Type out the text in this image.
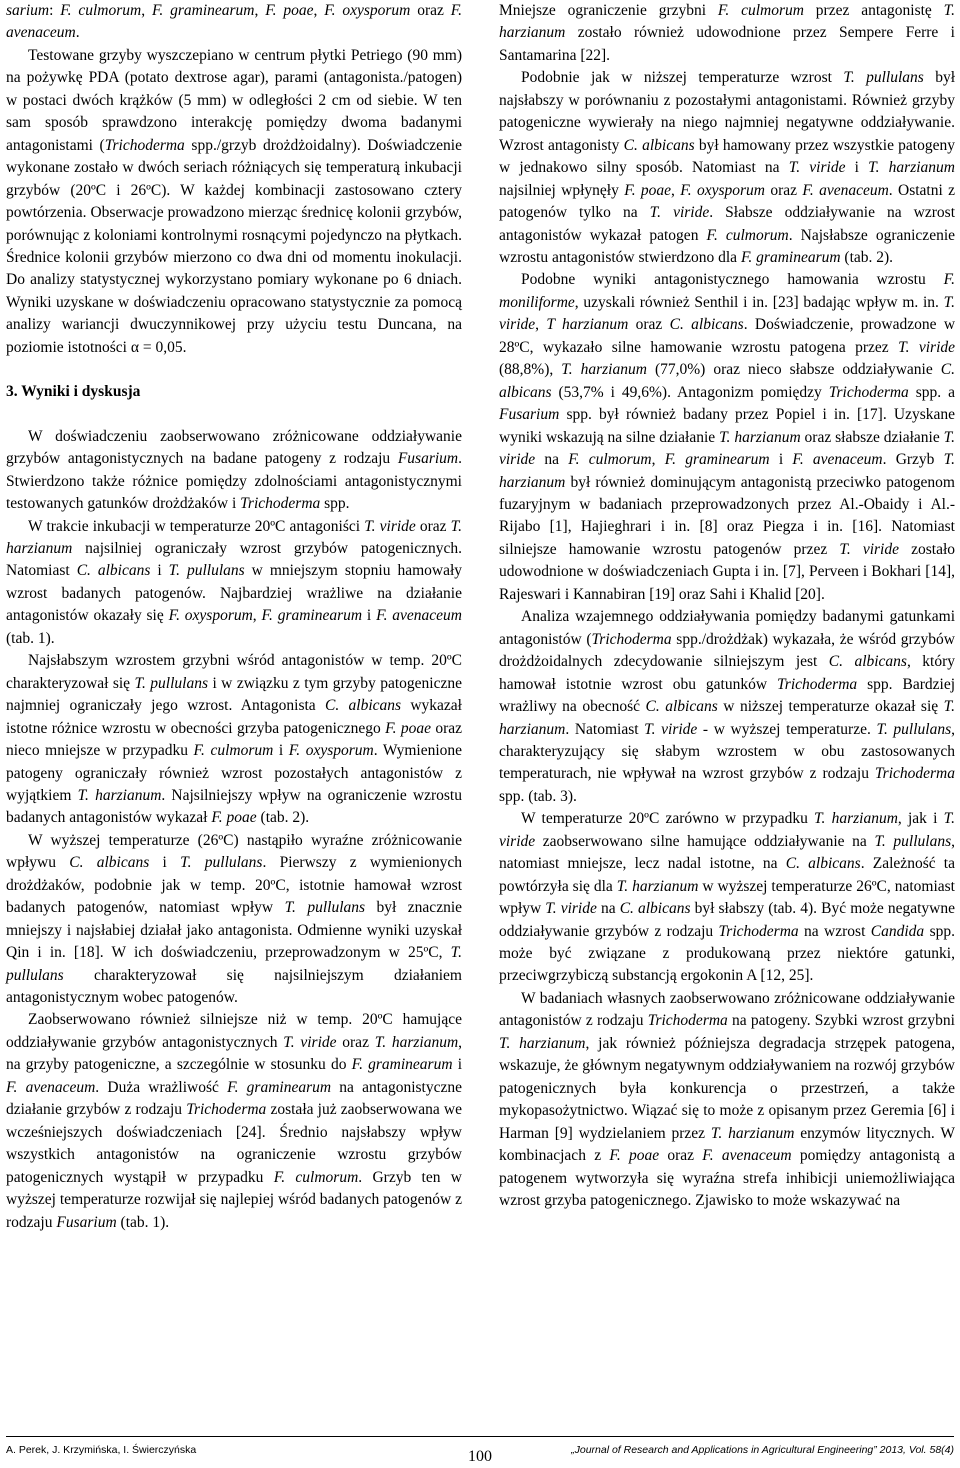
sarium: F. culmorum, F. graminearum, F. poae, F. oxysporum oraz F. avenaceum.

Testowane grzyby wyszczepiano w centrum płytki Petriego (90 mm) na pożywkę PDA (potato dextrose agar), parami (antagonista./patogen) w postaci dwóch krążków (5 mm) w odległości 2 cm od siebie. W ten sam sposób sprawdzono interakcję pomiędzy dwoma badanymi antagonistami (Trichoderma spp./grzyb drożdżoidalny). Doświadczenie wykonane zostało w dwóch seriach różniących się temperaturą inkubacji grzybów (20ºC i 26ºC). W każdej kombinacji zastosowano cztery powtórzenia. Obserwacje prowadzono mierząc średnicę kolonii grzybów, porównując z koloniami kontrolnymi rosnącymi pojedynczo na płytkach. Średnice kolonii grzybów mierzono co dwa dni od momentu inokulacji. Do analizy statystycznej wykorzystano pomiary wykonane po 6 dniach. Wyniki uzyskane w doświadczeniu opracowano statystycznie za pomocą analizy wariancji dwuczynnikowej przy użyciu testu Duncana, na poziomie istotności α = 0,05.

3. Wyniki i dyskusja

W doświadczeniu zaobserwowano zróżnicowane oddziaływanie grzybów antagonistycznych na badane patogeny z rodzaju Fusarium. Stwierdzono także różnice pomiędzy zdolnościami antagonistycznymi testowanych gatunków drożdżaków i Trichoderma spp.

W trakcie inkubacji w temperaturze 20ºC antagoniści T. viride oraz T. harzianum najsilniej ograniczały wzrost grzybów patogenicznych. Natomiast C. albicans i T. pullulans w mniejszym stopniu hamowały wzrost badanych patogenów. Najbardziej wrażliwe na działanie antagonistów okazały się F. oxysporum, F. graminearum i F. avenaceum (tab. 1).

Najsłabszym wzrostem grzybni wśród antagonistów w temp. 20ºC charakteryzował się T. pullulans i w związku z tym grzyby patogeniczne najmniej ograniczały jego wzrost. Antagonista C. albicans wykazał istotne różnice wzrostu w obecności grzyba patogenicznego F. poae oraz nieco mniejsze w przypadku F. culmorum i F. oxysporum. Wymienione patogeny ograniczały również wzrost pozostałych antagonistów z wyjątkiem T. harzianum. Najsilniejszy wpływ na ograniczenie wzrostu badanych antagonistów wykazał F. poae (tab. 2).

W wyższej temperaturze (26ºC) nastąpiło wyraźne zróżnicowanie wpływu C. albicans i T. pullulans. Pierwszy z wymienionych drożdżaków, podobnie jak w temp. 20ºC, istotnie hamował wzrost badanych patogenów, natomiast wpływ T. pullulans był znacznie mniejszy i najsłabiej działał jako antagonista. Odmienne wyniki uzyskał Qin i in. [18]. W ich doświadczeniu, przeprowadzonym w 25ºC, T. pullulans charakteryzował się najsilniejszym działaniem antagonistycznym wobec patogenów.

Zaobserwowano również silniejsze niż w temp. 20ºC hamujące oddziaływanie grzybów antagonistycznych T. viride oraz T. harzianum, na grzyby patogeniczne, a szczególnie w stosunku do F. graminearum i F. avenaceum. Duża wrażliwość F. graminearum na antagonistyczne działanie grzybów z rodzaju Trichoderma została już zaobserwowana we wcześniejszych doświadczeniach [24]. Średnio najsłabszy wpływ wszystkich antagonistów na ograniczenie wzrostu grzybów patogenicznych wystąpił w przypadku F. culmorum. Grzyb ten w wyższej temperaturze rozwijał się najlepiej wśród badanych patogenów z rodzaju Fusarium (tab. 1).

Mniejsze ograniczenie grzybni F. culmorum przez antagonistę T. harzianum zostało również udowodnione przez Sempere Ferre i Santamarina [22].

Podobnie jak w niższej temperaturze wzrost T. pullulans był najsłabszy w porównaniu z pozostałymi antagonistami. Również grzyby patogeniczne wywierały na niego najmniej negatywne oddziaływanie. Wzrost antagonisty C. albicans był hamowany przez wszystkie patogeny w jednakowo silny sposób. Natomiast na T. viride i T. harzianum najsilniej wpłynęły F. poae, F. oxysporum oraz F. avenaceum. Ostatni z patogenów tylko na T. viride. Słabsze oddziaływanie na wzrost antagonistów wykazał patogen F. culmorum. Najsłabsze ograniczenie wzrostu antagonistów stwierdzono dla F. graminearum (tab. 2).

Podobne wyniki antagonistycznego hamowania wzrostu F. moniliforme, uzyskali również Senthil i in. [23] badając wpływ m. in. T. viride, T harzianum oraz C. albicans. Doświadczenie, prowadzone w 28ºC, wykazało silne hamowanie wzrostu patogena przez T. viride (88,8%), T. harzianum (77,0%) oraz nieco słabsze oddziaływanie C. albicans (53,7% i 49,6%). Antagonizm pomiędzy Trichoderma spp. a Fusarium spp. był również badany przez Popiel i in. [17]. Uzyskane wyniki wskazują na silne działanie T. harzianum oraz słabsze działanie T. viride na F. culmorum, F. graminearum i F. avenaceum. Grzyb T. harzianum był również dominującym antagonistą przeciwko patogenom fuzaryjnym w badaniach przeprowadzonych przez Al.-Obaidy i Al.-Rijabo [1], Hajieghrari i in. [8] oraz Piegza i in. [16]. Natomiast silniejsze hamowanie wzrostu patogenów przez T. viride zostało udowodnione w doświadczeniach Gupta i in. [7], Perveen i Bokhari [14], Rajeswari i Kannabiran [19] oraz Sahi i Khalid [20].

Analiza wzajemnego oddziaływania pomiędzy badanymi gatunkami antagonistów (Trichoderma spp./drożdżak) wykazała, że wśród grzybów drożdżoidalnych zdecydowanie silniejszym jest C. albicans, który hamował istotnie wzrost obu gatunków Trichoderma spp. Bardziej wrażliwy na obecność C. albicans w niższej temperaturze okazał się T. harzianum. Natomiast T. viride - w wyższej temperaturze. T. pullulans, charakteryzujący się słabym wzrostem w obu zastosowanych temperaturach, nie wpływał na wzrost grzybów z rodzaju Trichoderma spp. (tab. 3).

W temperaturze 20ºC zarówno w przypadku T. harzianum, jak i T. viride zaobserwowano silne hamujące oddziaływanie na T. pullulans, natomiast mniejsze, lecz nadal istotne, na C. albicans. Zależność ta powtórzyła się dla T. harzianum w wyższej temperaturze 26ºC, natomiast wpływ T. viride na C. albicans był słabszy (tab. 4). Być może negatywne oddziaływanie grzybów z rodzaju Trichoderma na wzrost Candida spp. może być związane z produkowaną przez niektóre gatunki, przeciwgrzybiczą substancją ergokonin A [12, 25].

W badaniach własnych zaobserwowano zróżnicowane oddziaływanie antagonistów z rodzaju Trichoderma na patogeny. Szybki wzrost grzybni T. harzianum, jak również późniejsza degradacja strzępek patogena, wskazuje, że głównym negatywnym oddziaływaniem na rozwój grzybów patogenicznych była konkurencja o przestrzeń, a także mykopasożytnictwo. Wiązać się to może z opisanym przez Geremia [6] i Harman [9] wydzielaniem przez T. harzianum enzymów litycznych. W kombinacjach z F. poae oraz F. avenaceum pomiędzy antagonistą a patogenem wytworzyła się wyraźna strefa inhibicji uniemożliwiająca wzrost grzyba patogenicznego. Zjawisko to może wskazywać na

A. Perek, J. Krzymińska, I. Świerczyńska	100	„Journal of Research and Applications in Agricultural Engineering” 2013, Vol. 58(4)
